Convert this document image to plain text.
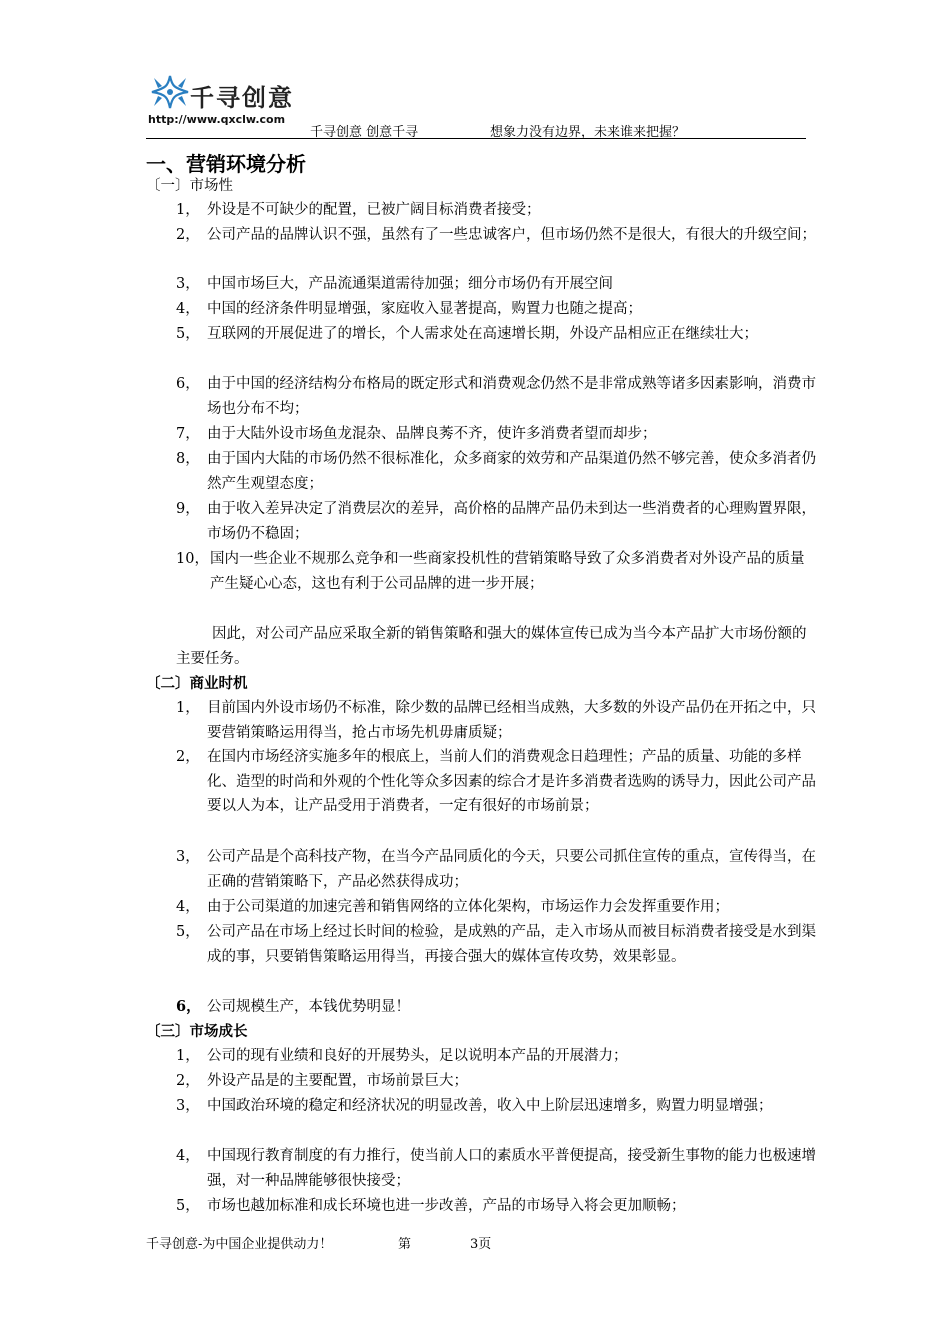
千寻创意
http://www.qxclw.com
千寻创意 创意千寻	想象力没有边界，未来谁来把握？
一、营销环境分析
〔一〕市场性
1， 外设是不可缺少的配置，已被广阔目标消费者接受；
2， 公司产品的品牌认识不强，虽然有了一些忠诚客户，但市场仍然不是很大，有很大的升级空间；
3， 中国市场巨大，产品流通渠道需待加强；细分市场仍有开展空间
4， 中国的经济条件明显增强，家庭收入显著提高，购置力也随之提高；
5， 互联网的开展促进了的增长，个人需求处在高速增长期，外设产品相应正在继续壮大；
6， 由于中国的经济结构分布格局的既定形式和消费观念仍然不是非常成熟等诸多因素影响，消费市场也分布不均；
7， 由于大陆外设市场鱼龙混杂、品牌良莠不齐，使许多消费者望而却步；
8， 由于国内大陆的市场仍然不很标准化，众多商家的效劳和产品渠道仍然不够完善，使众多消者仍然产生观望态度；
9， 由于收入差异决定了消费层次的差异，高价格的品牌产品仍未到达一些消费者的心理购置界限，市场仍不稳固；
10， 国内一些企业不规那么竞争和一些商家投机性的营销策略导致了众多消费者对外设产品的质量产生疑心心态，这也有利于公司品牌的进一步开展；
因此，对公司产品应采取全新的销售策略和强大的媒体宣传已成为当今本产品扩大市场份额的主要任务。
〔二〕商业时机
1， 目前国内外设市场仍不标准，除少数的品牌已经相当成熟，大多数的外设产品仍在开拓之中，只要营销策略运用得当，抢占市场先机毋庸质疑；
2， 在国内市场经济实施多年的根底上，当前人们的消费观念日趋理性；产品的质量、功能的多样化、造型的时尚和外观的个性化等众多因素的综合才是许多消费者选购的诱导力，因此公司产品要以人为本，让产品受用于消费者，一定有很好的市场前景；
3， 公司产品是个高科技产物，在当今产品同质化的今天，只要公司抓住宣传的重点，宣传得当，在正确的营销策略下，产品必然获得成功；
4， 由于公司渠道的加速完善和销售网络的立体化架构，市场运作力会发挥重要作用；
5， 公司产品在市场上经过长时间的检验，是成熟的产品，走入市场从而被目标消费者接受是水到渠成的事，只要销售策略运用得当，再接合强大的媒体宣传攻势，效果彰显。
6， 公司规模生产，本钱优势明显！
〔三〕市场成长
1， 公司的现有业绩和良好的开展势头，足以说明本产品的开展潜力；
2， 外设产品是的主要配置，市场前景巨大；
3， 中国政治环境的稳定和经济状况的明显改善，收入中上阶层迅速增多，购置力明显增强；
4， 中国现行教育制度的有力推行，使当前人口的素质水平普便提高，接受新生事物的能力也极速增强，对一种品牌能够很快接受；
5， 市场也越加标准和成长环境也进一步改善，产品的市场导入将会更加顺畅；
千寻创意-为中国企业提供动力！	第	3页
